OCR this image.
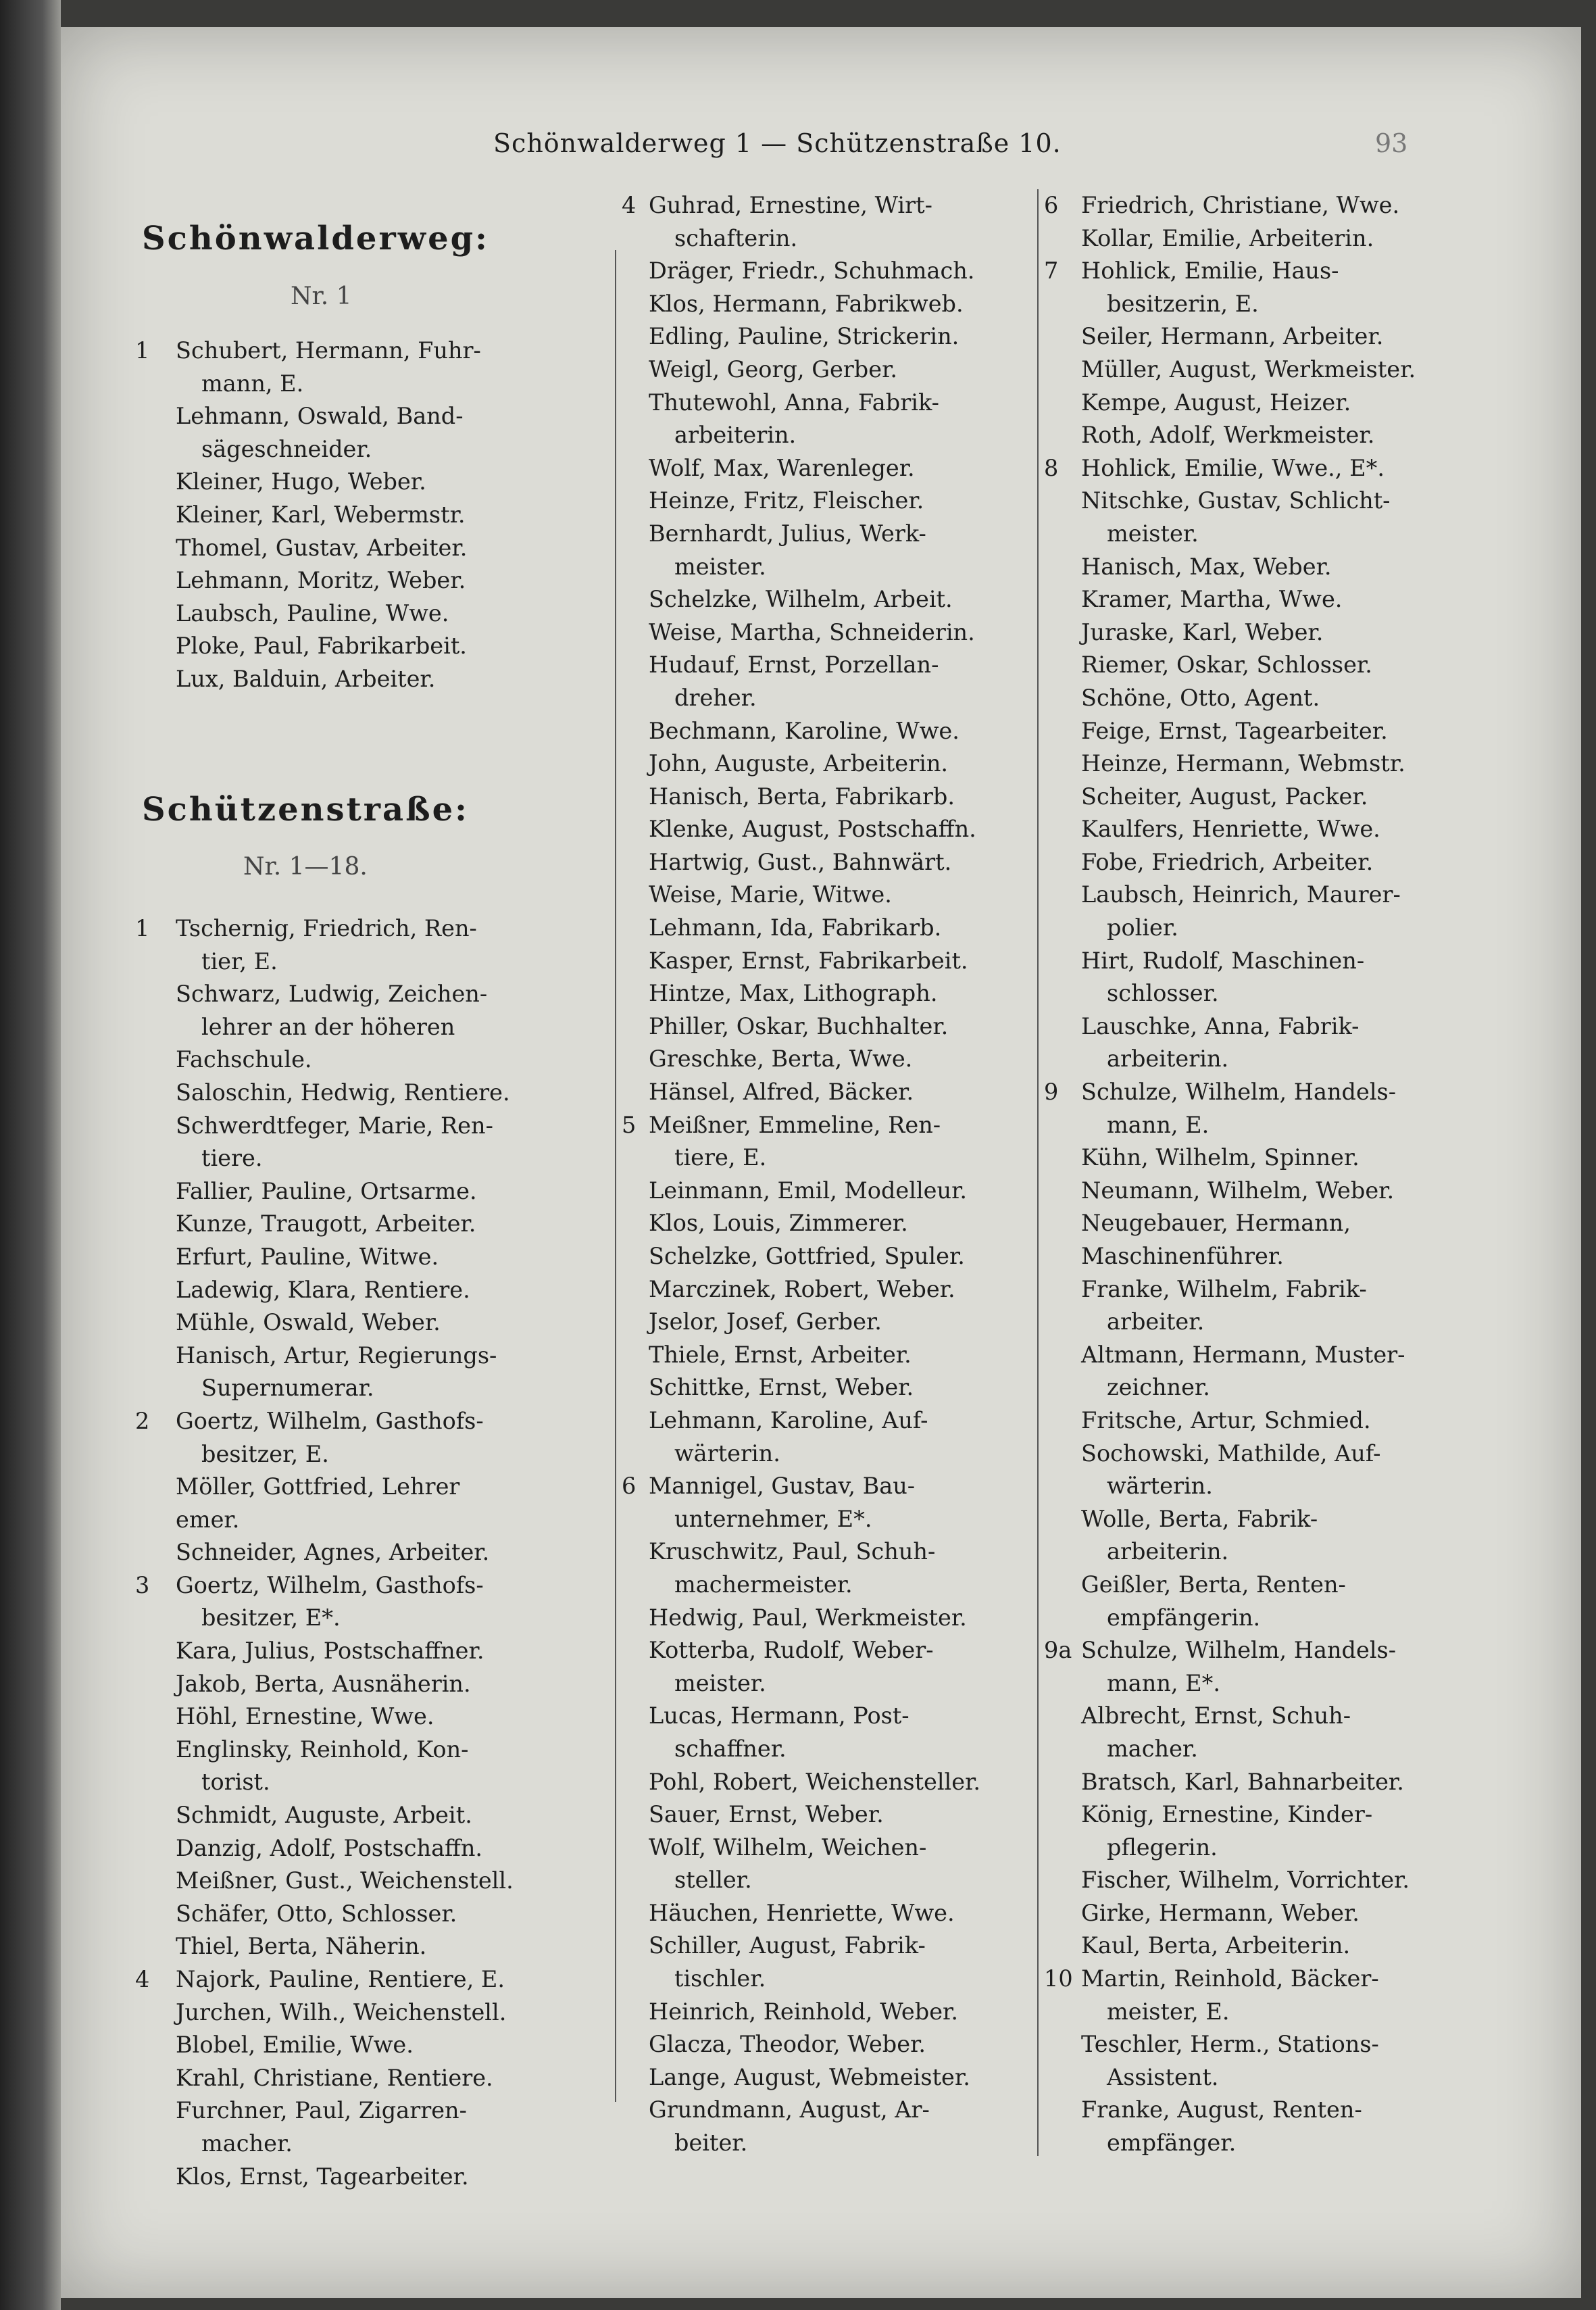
Schönwalderweg 1 — Schützenstraße 10.	93
Schönwalderweg:
Nr. 1
Schützenstraße:
Nr. 1—18.
1	Schubert, Hermann, Fuhr-
mann, E.
Lehmann, Oswald, Band-
sägeschneider.
Kleiner, Hugo, Weber.
Kleiner, Karl, Webermstr.
Thomel, Gustav, Arbeiter.
Lehmann, Moritz, Weber.
Laubsch, Pauline, Wwe.
Ploke, Paul, Fabrikarbeit.
Lux, Balduin, Arbeiter.
1	Tschernig, Friedrich, Ren-
tier, E.
Schwarz, Ludwig, Zeichen-
lehrer an der höheren
Fachschule.
Saloschin, Hedwig, Rentiere.
Schwerdtfeger, Marie, Ren-
tiere.
Fallier, Pauline, Ortsarme.
Kunze, Traugott, Arbeiter.
Erfurt, Pauline, Witwe.
Ladewig, Klara, Rentiere.
Mühle, Oswald, Weber.
Hanisch, Artur, Regierungs-
Supernumerar.
2	Goertz, Wilhelm, Gasthofs-
besitzer, E.
Möller, Gottfried, Lehrer
emer.
Schneider, Agnes, Arbeiter.
3	Goertz, Wilhelm, Gasthofs-
besitzer, E*.
Kara, Julius, Postschaffner.
Jakob, Berta, Ausnäherin.
Höhl, Ernestine, Wwe.
Englinsky, Reinhold, Kon-
torist.
Schmidt, Auguste, Arbeit.
Danzig, Adolf, Postschaffn.
Meißner, Gust., Weichenstell.
Schäfer, Otto, Schlosser.
Thiel, Berta, Näherin.
4	Najork, Pauline, Rentiere, E.
Jurchen, Wilh., Weichenstell.
Blobel, Emilie, Wwe.
Krahl, Christiane, Rentiere.
Furchner, Paul, Zigarren-
macher.
Klos, Ernst, Tagearbeiter.
4 Guhrad, Ernestine, Wirt-
schafterin.
Dräger, Friedr., Schuhmach.
Klos, Hermann, Fabrikweb.
Edling, Pauline, Strickerin.
Weigl, Georg, Gerber.
Thutewohl, Anna, Fabrik-
arbeiterin.
Wolf, Max, Warenleger.
Heinze, Fritz, Fleischer.
Bernhardt, Julius, Werk-
meister.
Schelzke, Wilhelm, Arbeit.
Weise, Martha, Schneiderin.
Hudauf, Ernst, Porzellan-
dreher.
Bechmann, Karoline, Wwe.
John, Auguste, Arbeiterin.
Hanisch, Berta, Fabrikarb.
Klenke, August, Postschaffn.
Hartwig, Gust., Bahnwärt.
Weise, Marie, Witwe.
Lehmann, Ida, Fabrikarb.
Kasper, Ernst, Fabrikarbeit.
Hintze, Max, Lithograph.
Philler, Oskar, Buchhalter.
Greschke, Berta, Wwe.
Hänsel, Alfred, Bäcker.
5 Meißner, Emmeline, Ren-
tiere, E.
Leinmann, Emil, Modelleur.
Klos, Louis, Zimmerer.
Schelzke, Gottfried, Spuler.
Marczinek, Robert, Weber.
Jselor, Josef, Gerber.
Thiele, Ernst, Arbeiter.
Schittke, Ernst, Weber.
Lehmann, Karoline, Auf-
wärterin.
6 Mannigel, Gustav, Bau-
unternehmer, E*.
Kruschwitz, Paul, Schuh-
machermeister.
Hedwig, Paul, Werkmeister.
Kotterba, Rudolf, Weber-
meister.
Lucas, Hermann, Post-
schaffner.
Pohl, Robert, Weichensteller.
Sauer, Ernst, Weber.
Wolf, Wilhelm, Weichen-
steller.
Häuchen, Henriette, Wwe.
Schiller, August, Fabrik-
tischler.
Heinrich, Reinhold, Weber.
Glacza, Theodor, Weber.
Lange, August, Webmeister.
Grundmann, August, Ar-
beiter.
6	Friedrich, Christiane, Wwe.
Kollar, Emilie, Arbeiterin.
7	Hohlick, Emilie, Haus-
besitzerin, E.
Seiler, Hermann, Arbeiter.
Müller, August, Werkmeister.
Kempe, August, Heizer.
Roth, Adolf, Werkmeister.
8	Hohlick, Emilie, Wwe., E*.
Nitschke, Gustav, Schlicht-
meister.
Hanisch, Max, Weber.
Kramer, Martha, Wwe.
Juraske, Karl, Weber.
Riemer, Oskar, Schlosser.
Schöne, Otto, Agent.
Feige, Ernst, Tagearbeiter.
Heinze, Hermann, Webmstr.
Scheiter, August, Packer.
Kaulfers, Henriette, Wwe.
Fobe, Friedrich, Arbeiter.
Laubsch, Heinrich, Maurer-
polier.
Hirt, Rudolf, Maschinen-
schlosser.
Lauschke, Anna, Fabrik-
arbeiterin.
9	Schulze, Wilhelm, Handels-
mann, E.
Kühn, Wilhelm, Spinner.
Neumann, Wilhelm, Weber.
Neugebauer, Hermann,
Maschinenführer.
Franke, Wilhelm, Fabrik-
arbeiter.
Altmann, Hermann, Muster-
zeichner.
Fritsche, Artur, Schmied.
Sochowski, Mathilde, Auf-
wärterin.
Wolle, Berta, Fabrik-
arbeiterin.
Geißler, Berta, Renten-
empfängerin.
9a Schulze, Wilhelm, Handels-
mann, E*.
Albrecht, Ernst, Schuh-
macher.
Bratsch, Karl, Bahnarbeiter.
König, Ernestine, Kinder-
pflegerin.
Fischer, Wilhelm, Vorrichter.
Girke, Hermann, Weber.
Kaul, Berta, Arbeiterin.
10 Martin, Reinhold, Bäcker-
meister, E.
Teschler, Herm., Stations-
Assistent.
Franke, August, Renten-
empfänger.
